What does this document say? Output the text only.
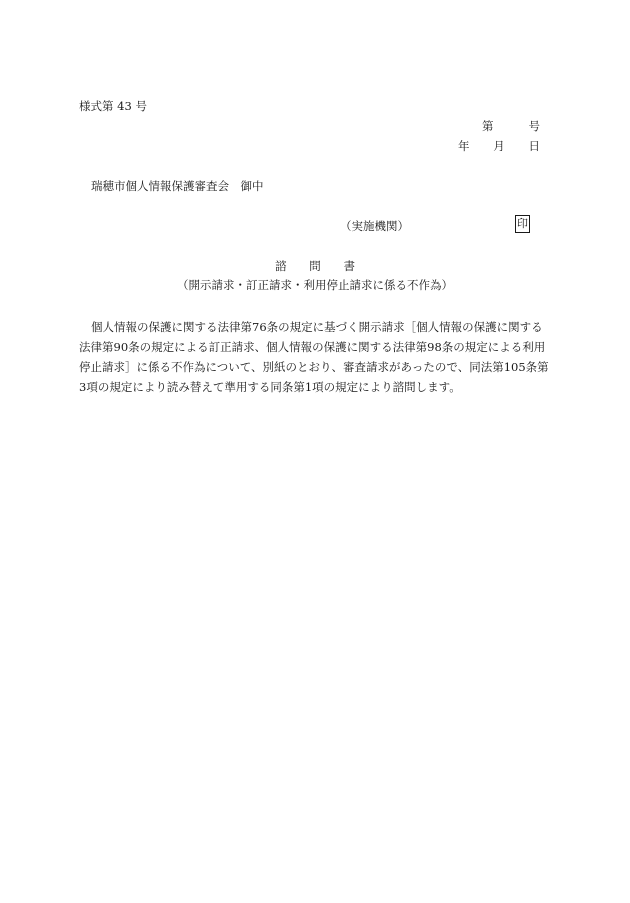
様式第 43 号
第	号
年 月 日
瑞穂市個人情報保護審査会　御中
（実施機関）	印
諮 問 書
（開示請求・訂正請求・利用停止請求に係る不作為）
個人情報の保護に関する法律第76条の規定に基づく開示請求［個人情報の保護に関する
法律第90条の規定による訂正請求、個人情報の保護に関する法律第98条の規定による利用
停止請求］に係る不作為について、別紙のとおり、審査請求があったので、同法第105条第
3項の規定により読み替えて準用する同条第1項の規定により諮問します。
